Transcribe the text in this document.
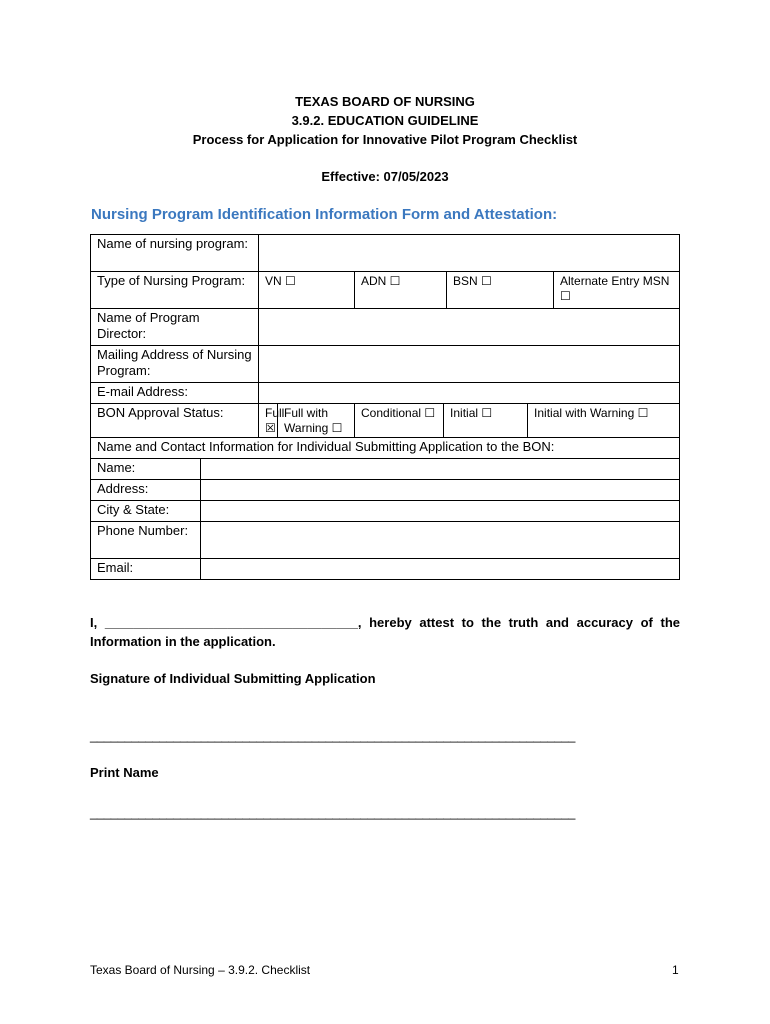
TEXAS BOARD OF NURSING
3.9.2. EDUCATION GUIDELINE
Process for Application for Innovative Pilot Program Checklist
Effective: 07/05/2023
Nursing Program Identification Information Form and Attestation:
Name of nursing program:								
Type of Nursing Program:		VN ☐		ADN ☐		BSN ☐		Alternate Entry MSN ☐
Name of Program Director:								
Mailing Address of Nursing Program:								
E-mail Address:								
BON Approval Status:		Full ☒	Full with Warning ☐	Conditional ☐	Initial ☐		Initial with Warning ☐	
Name and Contact Information for Individual Submitting Application to the BON:								
Name:								
Address:								
City & State:								
Phone Number:								
Email:								
I, ___________________________________, hereby attest to the truth and accuracy of the Information in the application.
Signature of Individual Submitting Application
______________________________________________________________________
Print Name
______________________________________________________________________
Texas Board of Nursing – 3.9.2. Checklist	1
